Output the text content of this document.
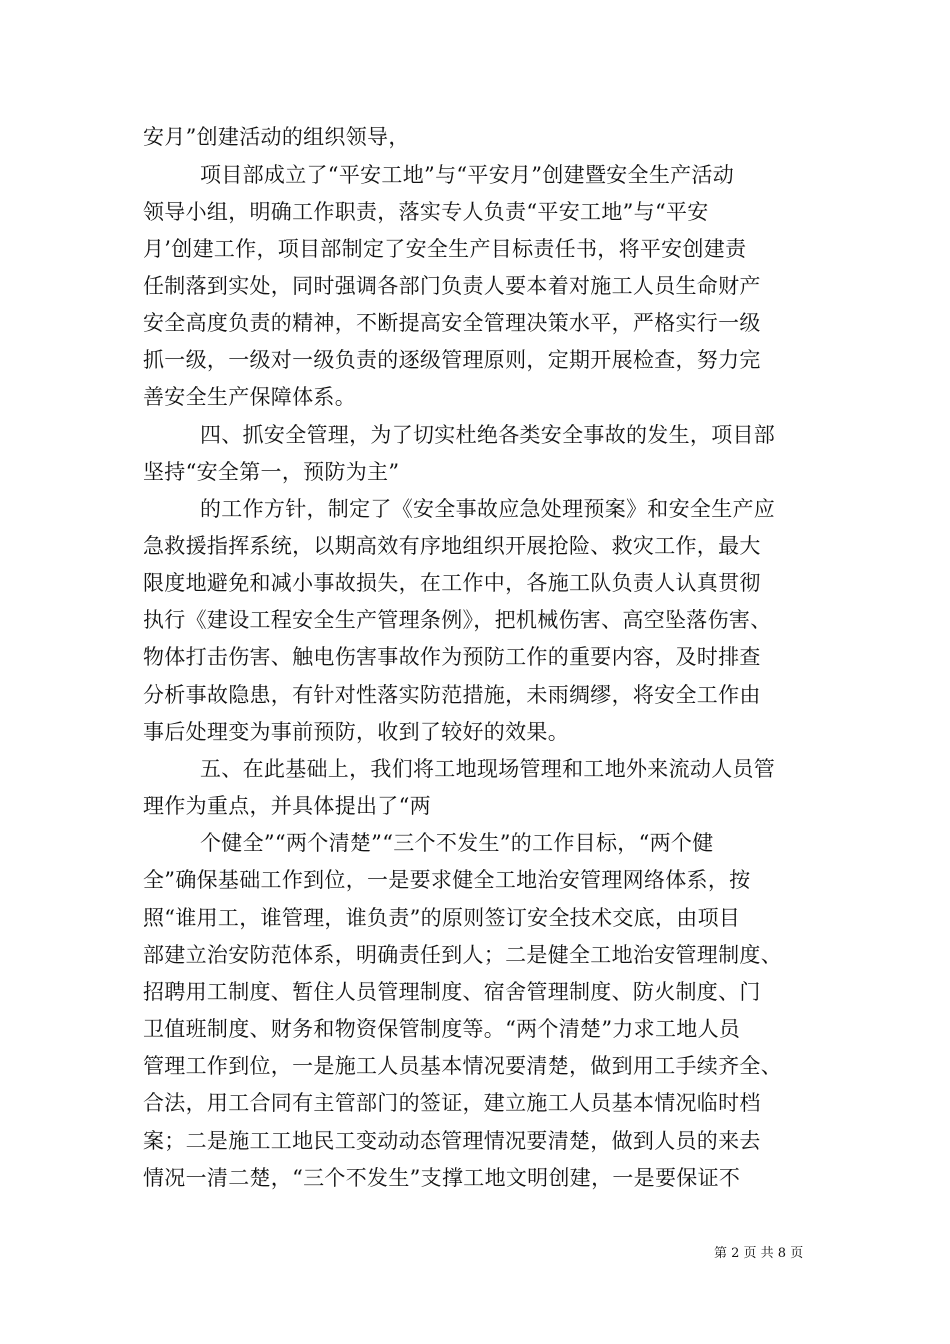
安月”创建活动的组织领导，
项目部成立了“平安工地”与“平安月”创建暨安全生产活动
领导小组，明确工作职责，落实专人负责“平安工地”与“平安
月’创建工作，项目部制定了安全生产目标责任书，将平安创建责
任制落到实处，同时强调各部门负责人要本着对施工人员生命财产
安全高度负责的精神，不断提高安全管理决策水平，严格实行一级
抓一级，一级对一级负责的逐级管理原则，定期开展检查，努力完
善安全生产保障体系。
四、抓安全管理，为了切实杜绝各类安全事故的发生，项目部
坚持“安全第一，预防为主”
的工作方针，制定了《安全事故应急处理预案》和安全生产应
急救援指挥系统，以期高效有序地组织开展抢险、救灾工作，最大
限度地避免和减小事故损失，在工作中，各施工队负责人认真贯彻
执行《建设工程安全生产管理条例》，把机械伤害、高空坠落伤害、
物体打击伤害、触电伤害事故作为预防工作的重要内容，及时排查
分析事故隐患，有针对性落实防范措施，未雨绸缪，将安全工作由
事后处理变为事前预防，收到了较好的效果。
五、在此基础上，我们将工地现场管理和工地外来流动人员管
理作为重点，并具体提出了“两
个健全”“两个清楚”“三个不发生”的工作目标，“两个健
全”确保基础工作到位，一是要求健全工地治安管理网络体系，按
照“谁用工，谁管理，谁负责”的原则签订安全技术交底，由项目
部建立治安防范体系，明确责任到人；二是健全工地治安管理制度、
招聘用工制度、暂住人员管理制度、宿舍管理制度、防火制度、门
卫值班制度、财务和物资保管制度等。“两个清楚”力求工地人员
管理工作到位，一是施工人员基本情况要清楚，做到用工手续齐全、
合法，用工合同有主管部门的签证，建立施工人员基本情况临时档
案；二是施工工地民工变动动态管理情况要清楚，做到人员的来去
情况一清二楚，“三个不发生”支撑工地文明创建，一是要保证不
第 2 页 共 8 页
